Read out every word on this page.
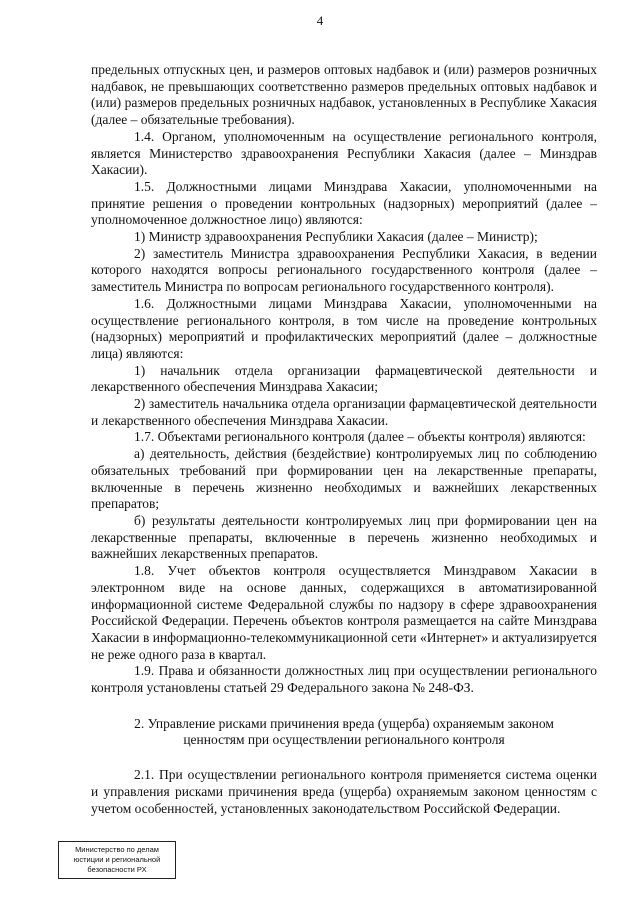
4

предельных отпускных цен, и размеров оптовых надбавок и (или) размеров розничных надбавок, не превышающих соответственно размеров предельных оптовых надбавок и (или) размеров предельных розничных надбавок, установленных в Республике Хакасия (далее – обязательные требования).

1.4. Органом, уполномоченным на осуществление регионального контроля, является Министерство здравоохранения Республики Хакасия (далее – Минздрав Хакасии).

1.5. Должностными лицами Минздрава Хакасии, уполномоченными на принятие решения о проведении контрольных (надзорных) мероприятий (далее – уполномоченное должностное лицо) являются:

1) Министр здравоохранения Республики Хакасия (далее – Министр);

2) заместитель Министра здравоохранения Республики Хакасия, в ведении которого находятся вопросы регионального государственного контроля (далее – заместитель Министра по вопросам регионального государственного контроля).

1.6. Должностными лицами Минздрава Хакасии, уполномоченными на осуществление регионального контроля, в том числе на проведение контрольных (надзорных) мероприятий и профилактических мероприятий (далее – должностные лица) являются:

1) начальник отдела организации фармацевтической деятельности и лекарственного обеспечения Минздрава Хакасии;

2) заместитель начальника отдела организации фармацевтической деятельности и лекарственного обеспечения Минздрава Хакасии.

1.7. Объектами регионального контроля (далее – объекты контроля) являются:

а) деятельность, действия (бездействие) контролируемых лиц по соблюдению обязательных требований при формировании цен на лекарственные препараты, включенные в перечень жизненно необходимых и важнейших лекарственных препаратов;

б) результаты деятельности контролируемых лиц при формировании цен на лекарственные препараты, включенные в перечень жизненно необходимых и важнейших лекарственных препаратов.

1.8. Учет объектов контроля осуществляется Минздравом Хакасии в электронном виде на основе данных, содержащихся в автоматизированной информационной системе Федеральной службы по надзору в сфере здравоохранения Российской Федерации. Перечень объектов контроля размещается на сайте Минздрава Хакасии в информационно-телекоммуникационной сети «Интернет» и актуализируется не реже одного раза в квартал.

1.9. Права и обязанности должностных лиц при осуществлении регионального контроля установлены статьей 29 Федерального закона № 248-ФЗ.

2. Управление рисками причинения вреда (ущерба) охраняемым законом ценностям при осуществлении регионального контроля

2.1. При осуществлении регионального контроля применяется система оценки и управления рисками причинения вреда (ущерба) охраняемым законом ценностям с учетом особенностей, установленных законодательством Российской Федерации.

Министерство по делам
юстиции и региональной
безопасности РХ
